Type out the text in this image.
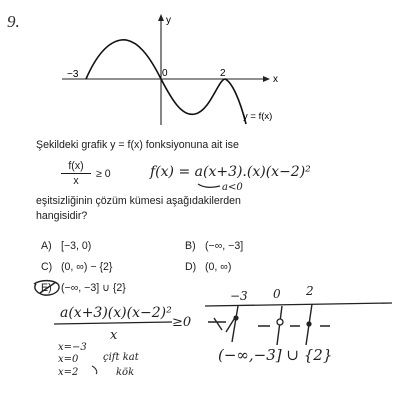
9.
x
y
−3	0	2
y = f(x)
Şekildeki grafik y = f(x) fonksiyonuna ait ise
$\frac{f(x)}{x} \ge 0$
eşitsizliğinin çözüm kümesi aşağıdakilerden
hangisidir?
A) [−3, 0)	B) (−∞, −3]
C) (0, ∞) − {2}	D) (0, ∞)
E) (−∞, −3] ∪ {2}
f(x) = a(x+3).(x)(x−2)²
a<0
a(x+3)(x)(x−2)²
x
≥0
x=−3
x=0
x=2
çift kat
kök
−3 0 2
(−∞,−3] ∪ {2}
